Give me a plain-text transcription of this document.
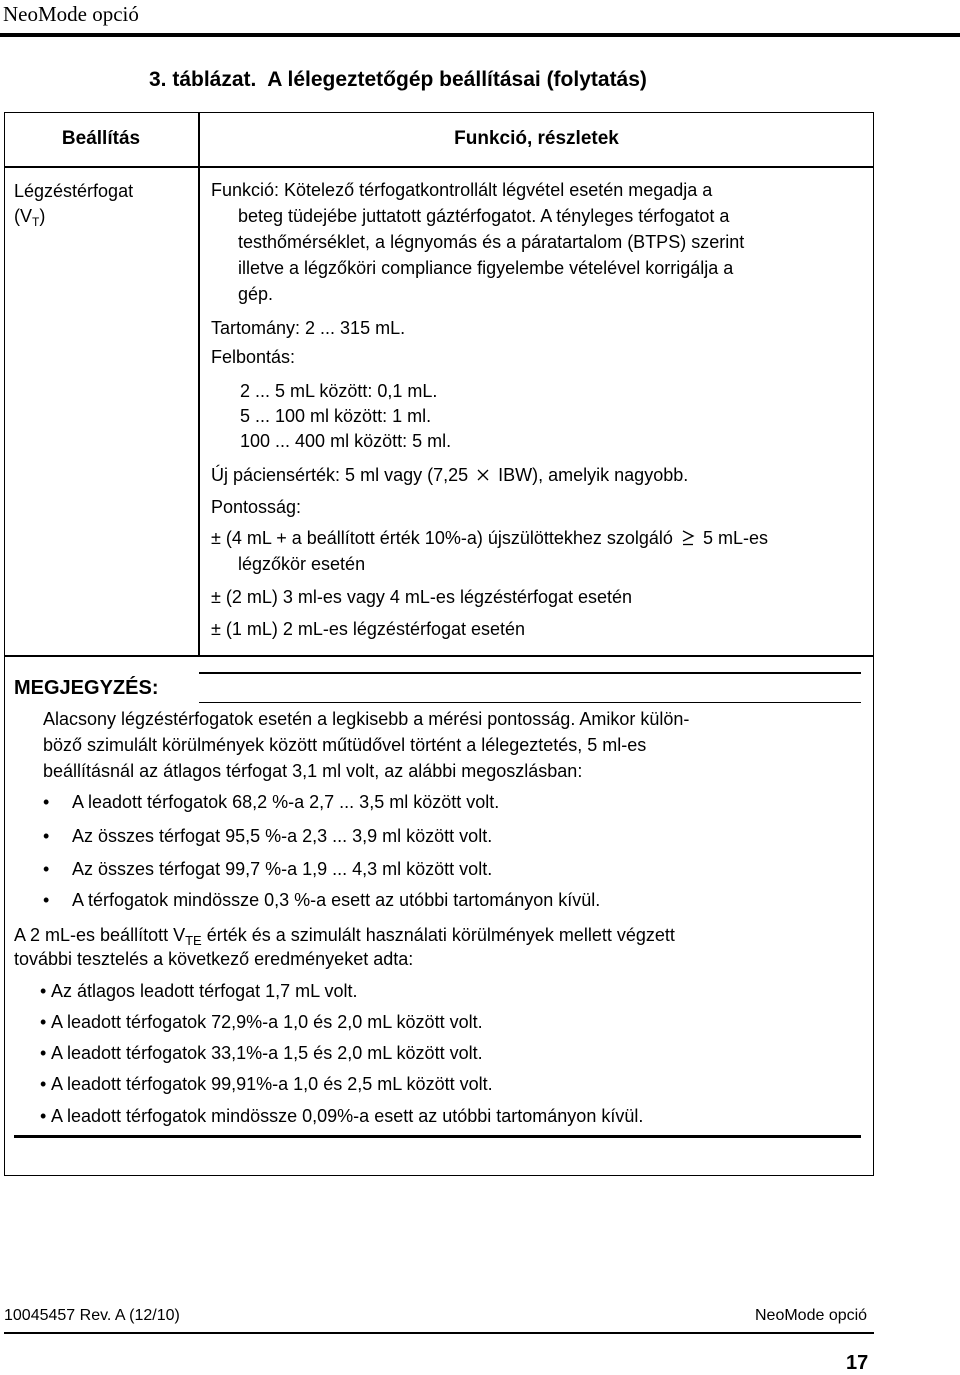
NeoMode opció
3. táblázat.  A lélegeztetőgép beállításai (folytatás)
Beállítás	Funkció, részletek
Légzéstérfogat
$(V_T)$
Funkció: Kötelező térfogatkontrollált légvétel esetén megadja a
beteg tüdejébe juttatott gáztérfogatot. A tényleges térfogatot a
testhőmérséklet, a légnyomás és a páratartalom (BTPS) szerint
illetve a légzőköri compliance figyelembe vételével korrigálja a
gép.
Tartomány: 2 ... 315 mL.
Felbontás:
2 ... 5 mL között: 0,1 mL.
5 ... 100 ml között: 1 ml.
100 ... 400 ml között: 5 ml.
Új páciensérték: 5 ml vagy (7,25 IBW), amelyik nagyobb.
Pontosság:
± (4 mL + a beállított érték 10%-a) újszülöttekhez szolgáló 5 mL-es
légzőkör esetén
± (2 mL) 3 ml-es vagy 4 mL-es légzéstérfogat esetén
± (1 mL) 2 mL-es légzéstérfogat esetén
MEGJEGYZÉS:
Alacsony légzéstérfogatok esetén a legkisebb a mérési pontosság. Amikor külön-
böző szimulált körülmények között műtüdővel történt a lélegeztetés, 5 ml-es
beállításnál az átlagos térfogat 3,1 ml volt, az alábbi megoszlásban:
• A leadott térfogatok 68,2 %-a 2,7 ... 3,5 ml között volt.
• Az összes térfogat 95,5 %-a 2,3 ... 3,9 ml között volt.
• Az összes térfogat 99,7 %-a 1,9 ... 4,3 ml között volt.
• A térfogatok mindössze 0,3 %-a esett az utóbbi tartományon kívül.
A 2 mL-es beállított $V_{TE}$ érték és a szimulált használati körülmények mellett végzett
további tesztelés a következő eredményeket adta:
• Az átlagos leadott térfogat 1,7 mL volt.
• A leadott térfogatok 72,9%-a 1,0 és 2,0 mL között volt.
• A leadott térfogatok 33,1%-a 1,5 és 2,0 mL között volt.
• A leadott térfogatok 99,91%-a 1,0 és 2,5 mL között volt.
• A leadott térfogatok mindössze 0,09%-a esett az utóbbi tartományon kívül.
10045457 Rev. A (12/10)	NeoMode opció
17
